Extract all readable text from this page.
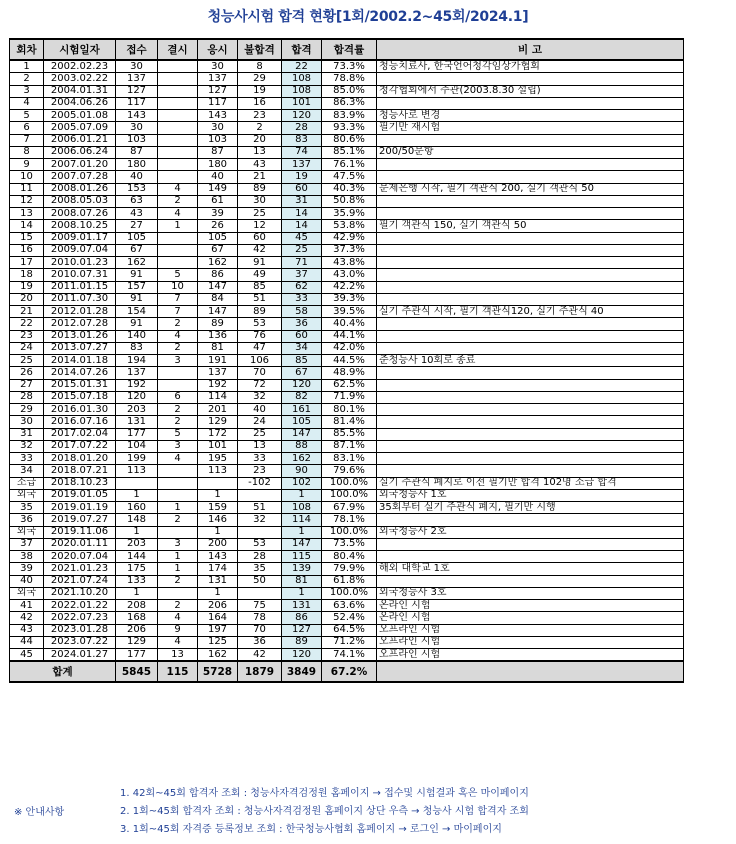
청능사시험 합격 현황[1회/2002.2~45회/2024.1]
회차	시험일자	접수	결시	응시	불합격	합격	합격률	비 고
1	2002.02.23	30		30	8	22	73.3%	청능치료사, 한국언어청각임상가협회
2	2003.02.22	137		137	29	108	78.8%	
3	2004.01.31	127		127	19	108	85.0%	청각협회에서 주관(2003.8.30 설립)
4	2004.06.26	117		117	16	101	86.3%	
5	2005.01.08	143		143	23	120	83.9%	청능사로 변경
6	2005.07.09	30		30	2	28	93.3%	필기만 재시험
7	2006.01.21	103		103	20	83	80.6%	
8	2006.06.24	87		87	13	74	85.1%	200/50문항
9	2007.01.20	180		180	43	137	76.1%	
10	2007.07.28	40		40	21	19	47.5%	
11	2008.01.26	153	4	149	89	60	40.3%	문제은행 시작, 필기 객관식 200, 실기 객관식 50
12	2008.05.03	63	2	61	30	31	50.8%	
13	2008.07.26	43	4	39	25	14	35.9%	
14	2008.10.25	27	1	26	12	14	53.8%	필기 객관식 150, 실기 객관식 50
15	2009.01.17	105		105	60	45	42.9%	
16	2009.07.04	67		67	42	25	37.3%	
17	2010.01.23	162		162	91	71	43.8%	
18	2010.07.31	91	5	86	49	37	43.0%	
19	2011.01.15	157	10	147	85	62	42.2%	
20	2011.07.30	91	7	84	51	33	39.3%	
21	2012.01.28	154	7	147	89	58	39.5%	실기 주관식 시작, 필기 객관식120, 실기 주관식 40
22	2012.07.28	91	2	89	53	36	40.4%	
23	2013.01.26	140	4	136	76	60	44.1%	
24	2013.07.27	83	2	81	47	34	42.0%	
25	2014.01.18	194	3	191	106	85	44.5%	준청능사 10회로 종료
26	2014.07.26	137		137	70	67	48.9%	
27	2015.01.31	192		192	72	120	62.5%	
28	2015.07.18	120	6	114	32	82	71.9%	
29	2016.01.30	203	2	201	40	161	80.1%	
30	2016.07.16	131	2	129	24	105	81.4%	
31	2017.02.04	177	5	172	25	147	85.5%	
32	2017.07.22	104	3	101	13	88	87.1%	
33	2018.01.20	199	4	195	33	162	83.1%	
34	2018.07.21	113		113	23	90	79.6%	
소급	2018.10.23				-102	102	100.0%	실기 주관식 폐지로 이전 필기만 합격 102명 소급 합격
외국	2019.01.05	1		1		1	100.0%	외국청능사 1호
35	2019.01.19	160	1	159	51	108	67.9%	35회부터 실기 주관식 폐지, 필기만 시행
36	2019.07.27	148	2	146	32	114	78.1%	
외국	2019.11.06	1		1		1	100.0%	외국청능사 2호
37	2020.01.11	203	3	200	53	147	73.5%	
38	2020.07.04	144	1	143	28	115	80.4%	
39	2021.01.23	175	1	174	35	139	79.9%	해외 대학교 1호
40	2021.07.24	133	2	131	50	81	61.8%	
외국	2021.10.20	1		1		1	100.0%	외국청능사 3호
41	2022.01.22	208	2	206	75	131	63.6%	온라인 시험
42	2022.07.23	168	4	164	78	86	52.4%	온라인 시험
43	2023.01.28	206	9	197	70	127	64.5%	오프라인 시험
44	2023.07.22	129	4	125	36	89	71.2%	오프라인 시험
45	2024.01.27	177	13	162	42	120	74.1%	오프라인 시험
합계		5845	115	5728	1879	3849	67.2%	
※ 안내사항
1. 42회~45회 합격자 조회 : 청능사자격검정원 홈페이지 → 접수및 시험결과 혹은 마이페이지
2. 1회~45회 합격자 조회 : 청능사자격검정원 홈페이지 상단 우측 → 청능사 시험 합격자 조회
3. 1회~45회 자격증 등록정보 조회 : 한국청능사협회 홈페이지 → 로그인 → 마이페이지
